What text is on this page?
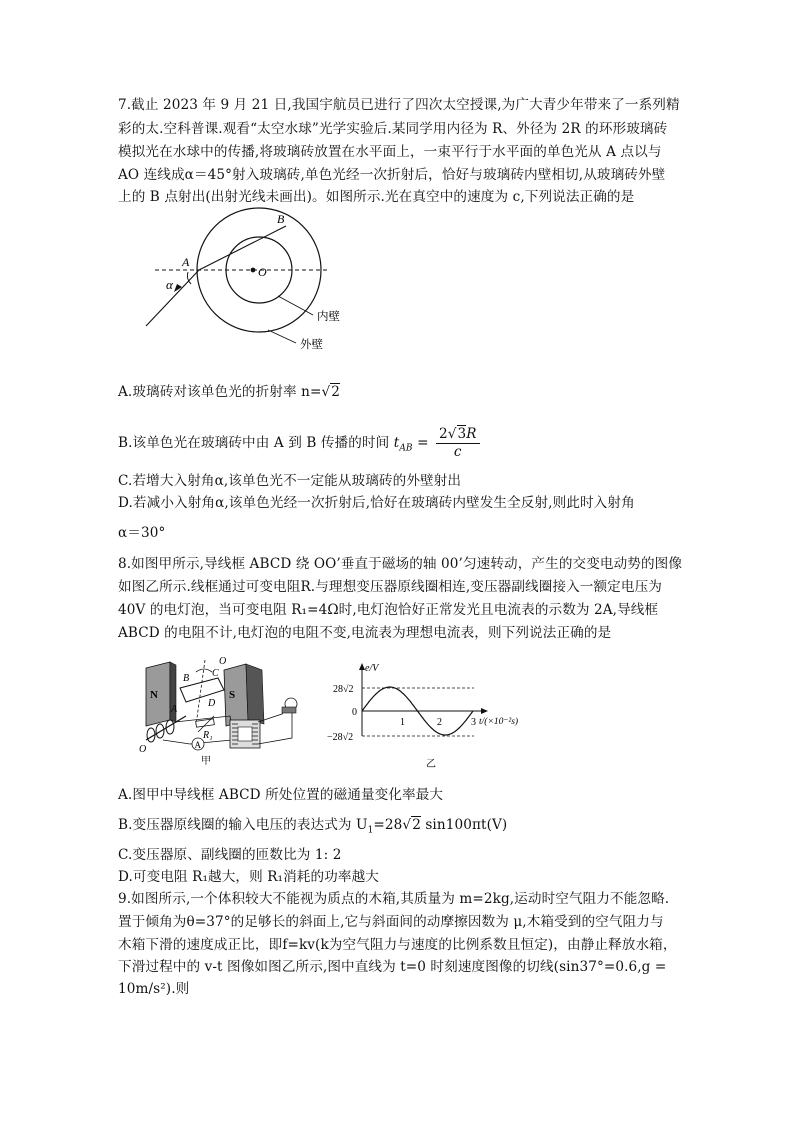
7.截止 2023 年 9 月 21 日,我国宇航员已进行了四次太空授课,为广大青少年带来了一系列精
彩的太.空科普课.观看“太空水球”光学实验后.某同学用内径为 R、外径为 2R 的环形玻璃砖
模拟光在水球中的传播,将玻璃砖放置在水平面上，一束平行于水平面的单色光从 A 点以与
AO 连线成α＝45°射入玻璃砖,单色光经一次折射后，恰好与玻璃砖内壁相切,从玻璃砖外壁
上的 B 点射出(出射光线未画出)。如图所示.光在真空中的速度为 c,下列说法正确的是
A
B
O
α
内壁
外壁
A.玻璃砖对该单色光的折射率 n=√2
B.该单色光在玻璃砖中由 A 到 B 传播的时间 $t_{AB} = \frac{2√3R}{c}$
C.若增大入射角α,该单色光不一定能从玻璃砖的外壁射出
D.若减小入射角α,该单色光经一次折射后,恰好在玻璃砖内壁发生全反射,则此时入射角
α＝30°
8.如图甲所示,导线框 ABCD 绕 OO’垂直于磁场的轴 00’匀速转动，产生的交变电动势的图像
如图乙所示.线框通过可变电阻R.与理想变压器原线圈相连,变压器副线圈接入一额定电压为
40V 的电灯泡，当可变电阻 R₁=4Ω时,电灯泡恰好正常发光且电流表的示数为 2A,导线框
ABCD 的电阻不计,电灯泡的电阻不变,电流表为理想电流表，则下列说法正确的是
N	S
O
A
B C
D
O
R₁
A
甲
e/V
28√2
0
−28√2
1	2	3 t/(×10⁻²s)
乙
A.图甲中导线框 ABCD 所处位置的磁通量变化率最大
B.变压器原线圈的输入电压的表达式为 $U_1=28√2$ sin100πt(V)
C.变压器原、副线圈的匝数比为 1: 2
D.可变电阻 R₁越大，则 R₁消耗的功率越大
9.如图所示,一个体积较大不能视为质点的木箱,其质量为 m=2kg,运动时空气阻力不能忽略.
置于倾角为θ=37°的足够长的斜面上,它与斜面间的动摩擦因数为 μ,木箱受到的空气阻力与
木箱下滑的速度成正比，即f=kv(k为空气阻力与速度的比例系数且恒定)，由静止释放水箱，
下滑过程中的 v-t 图像如图乙所示,图中直线为 t=0 时刻速度图像的切线(sin37°=0.6,g =
10m/s²).则
